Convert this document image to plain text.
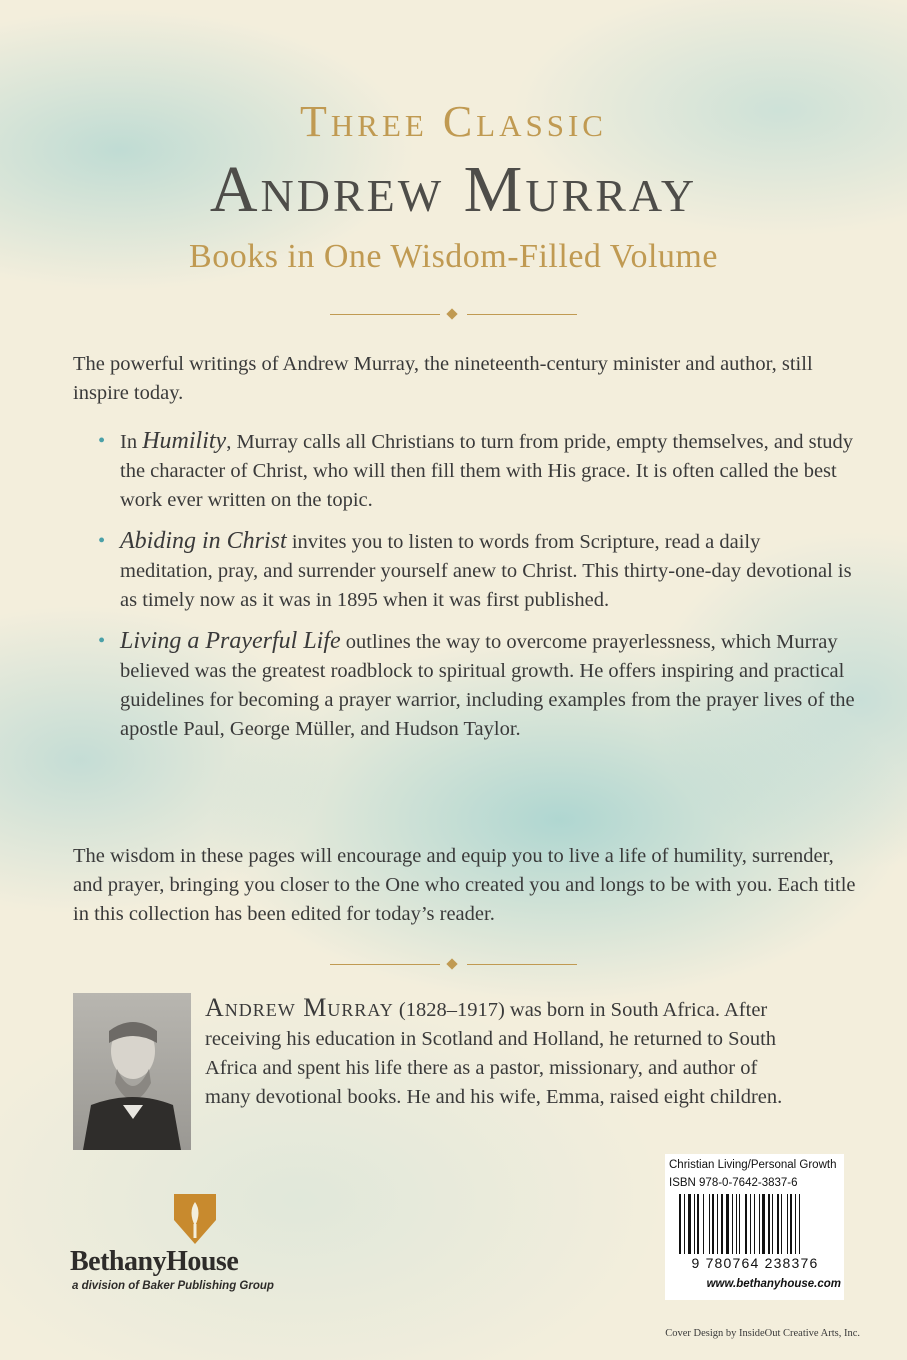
Three Classic
Andrew Murray
Books in One Wisdom-Filled Volume
The powerful writings of Andrew Murray, the nineteenth-century minister and author, still inspire today.
• In Humility, Murray calls all Christians to turn from pride, empty themselves, and study the character of Christ, who will then fill them with His grace. It is often called the best work ever written on the topic.
• Abiding in Christ invites you to listen to words from Scripture, read a daily meditation, pray, and surrender yourself anew to Christ. This thirty-one-day devotional is as timely now as it was in 1895 when it was first published.
• Living a Prayerful Life outlines the way to overcome prayerlessness, which Murray believed was the greatest roadblock to spiritual growth. He offers inspiring and practical guidelines for becoming a prayer warrior, including examples from the prayer lives of the apostle Paul, George Müller, and Hudson Taylor.
The wisdom in these pages will encourage and equip you to live a life of humility, surrender, and prayer, bringing you closer to the One who created you and longs to be with you. Each title in this collection has been edited for today’s reader.
Andrew Murray (1828–1917) was born in South Africa. After receiving his education in Scotland and Holland, he returned to South Africa and spent his life there as a pastor, missionary, and author of many devotional books. He and his wife, Emma, raised eight children.
BethanyHouse
a division of Baker Publishing Group
Christian Living/Personal Growth
ISBN 978-0-7642-3837-6
9 780764 238376
www.bethanyhouse.com
Cover Design by InsideOut Creative Arts, Inc.
